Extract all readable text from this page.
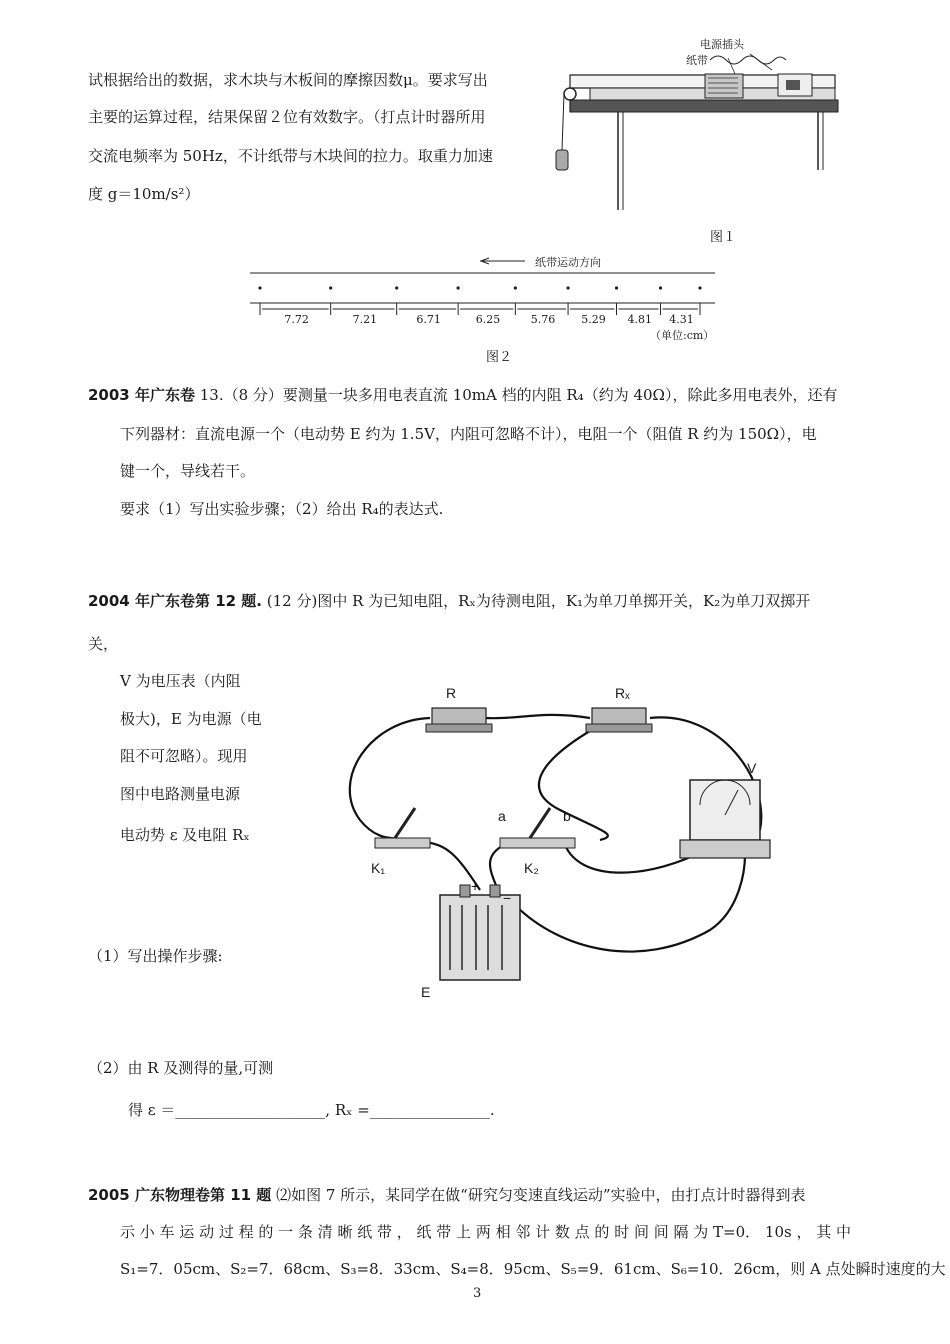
试根据给出的数据，求木块与木板间的摩擦因数μ。要求写出
主要的运算过程，结果保留２位有效数字。（打点计时器所用
交流电频率为 50Hz，不计纸带与木块间的拉力。取重力加速
度 g＝10m/s²）
电源插头
纸带
图１
纸带运动方向
7.72	7.21	6.71	6.25	5.76 5.29 4.81 4.31
（单位:cm）
图２
2003 年广东卷 13.（8 分）要测量一块多用电表直流 10mA 档的内阻 R₄（约为 40Ω），除此多用电表外，还有
下列器材：直流电源一个（电动势 E 约为 1.5V，内阻可忽略不计），电阻一个（阻值 R 约为 150Ω），电
键一个，导线若干。
要求（1）写出实验步骤；（2）给出 R₄的表达式.
2004 年广东卷第 12 题. (12 分)图中 R 为已知电阻，Rₓ为待测电阻，K₁为单刀单掷开关，K₂为单刀双掷开
关，
V 为电压表（内阻
极大)，E 为电源（电
阻不可忽略）。现用
图中电路测量电源
电动势 ε 及电阻 Rₓ
（1）写出操作步骤:
（2）由 R 及测得的量,可测
得 ε ＝____________________, Rₓ =________________.
R	Rₓ
V
a	b
K₁	K₂
+
−
E
2005 广东物理卷第 11 题 ⑵如图 7 所示，某同学在做“研究匀变速直线运动”实验中，由打点计时器得到表
示 小 车 运 动 过 程 的 一 条 清 晰 纸 带 ， 纸 带 上 两 相 邻 计 数 点 的 时 间 间 隔 为 T=0． 10s ， 其 中
S₁=7．05cm、S₂=7．68cm、S₃=8．33cm、S₄=8．95cm、S₅=9．61cm、S₆=10．26cm，则 A 点处瞬时速度的大
3
